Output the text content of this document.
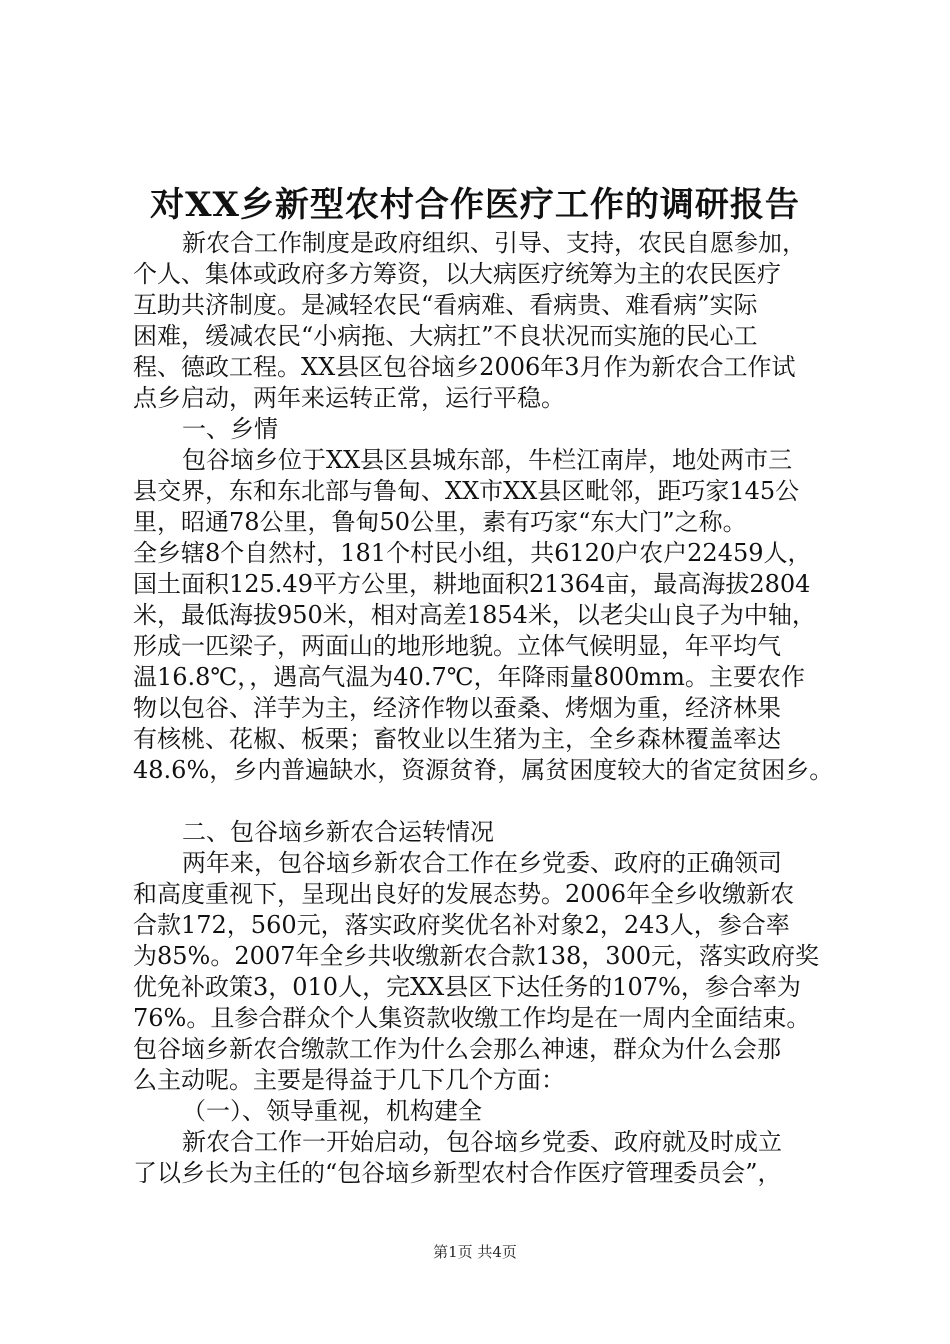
对XX乡新型农村合作医疗工作的调研报告
新农合工作制度是政府组织、引导、支持，农民自愿参加，
个人、集体或政府多方筹资，以大病医疗统筹为主的农民医疗
互助共济制度。是减轻农民“看病难、看病贵、难看病”实际
困难，缓减农民“小病拖、大病扛”不良状况而实施的民心工
程、德政工程。XX县区包谷垴乡2006年3月作为新农合工作试
点乡启动，两年来运转正常，运行平稳。
一、乡情
包谷垴乡位于XX县区县城东部，牛栏江南岸，地处两市三
县交界，东和东北部与鲁甸、XX市XX县区毗邻，距巧家145公
里，昭通78公里，鲁甸50公里，素有巧家“东大门”之称。
全乡辖8个自然村，181个村民小组，共6120户农户22459人，
国土面积125.49平方公里，耕地面积21364亩，最高海拔2804
米，最低海拔950米，相对高差1854米，以老尖山良子为中轴，
形成一匹梁子，两面山的地形地貌。立体气候明显，年平均气
温16.8℃，，遇高气温为40.7℃，年降雨量800mm。主要农作
物以包谷、洋芋为主，经济作物以蚕桑、烤烟为重，经济林果
有核桃、花椒、板栗；畜牧业以生猪为主，全乡森林覆盖率达
48.6%，乡内普遍缺水，资源贫脊，属贫困度较大的省定贫困乡。
二、包谷垴乡新农合运转情况
两年来，包谷垴乡新农合工作在乡党委、政府的正确领司
和高度重视下，呈现出良好的发展态势。2006年全乡收缴新农
合款172，560元，落实政府奖优名补对象2，243人，参合率
为85%。2007年全乡共收缴新农合款138，300元，落实政府奖
优免补政策3，010人，完XX县区下达任务的107%，参合率为
76%。且参合群众个人集资款收缴工作均是在一周内全面结束。
包谷垴乡新农合缴款工作为什么会那么神速，群众为什么会那
么主动呢。主要是得益于几下几个方面：
（一）、领导重视，机构建全
新农合工作一开始启动，包谷垴乡党委、政府就及时成立
了以乡长为主任的“包谷垴乡新型农村合作医疗管理委员会”，
第1页 共4页
